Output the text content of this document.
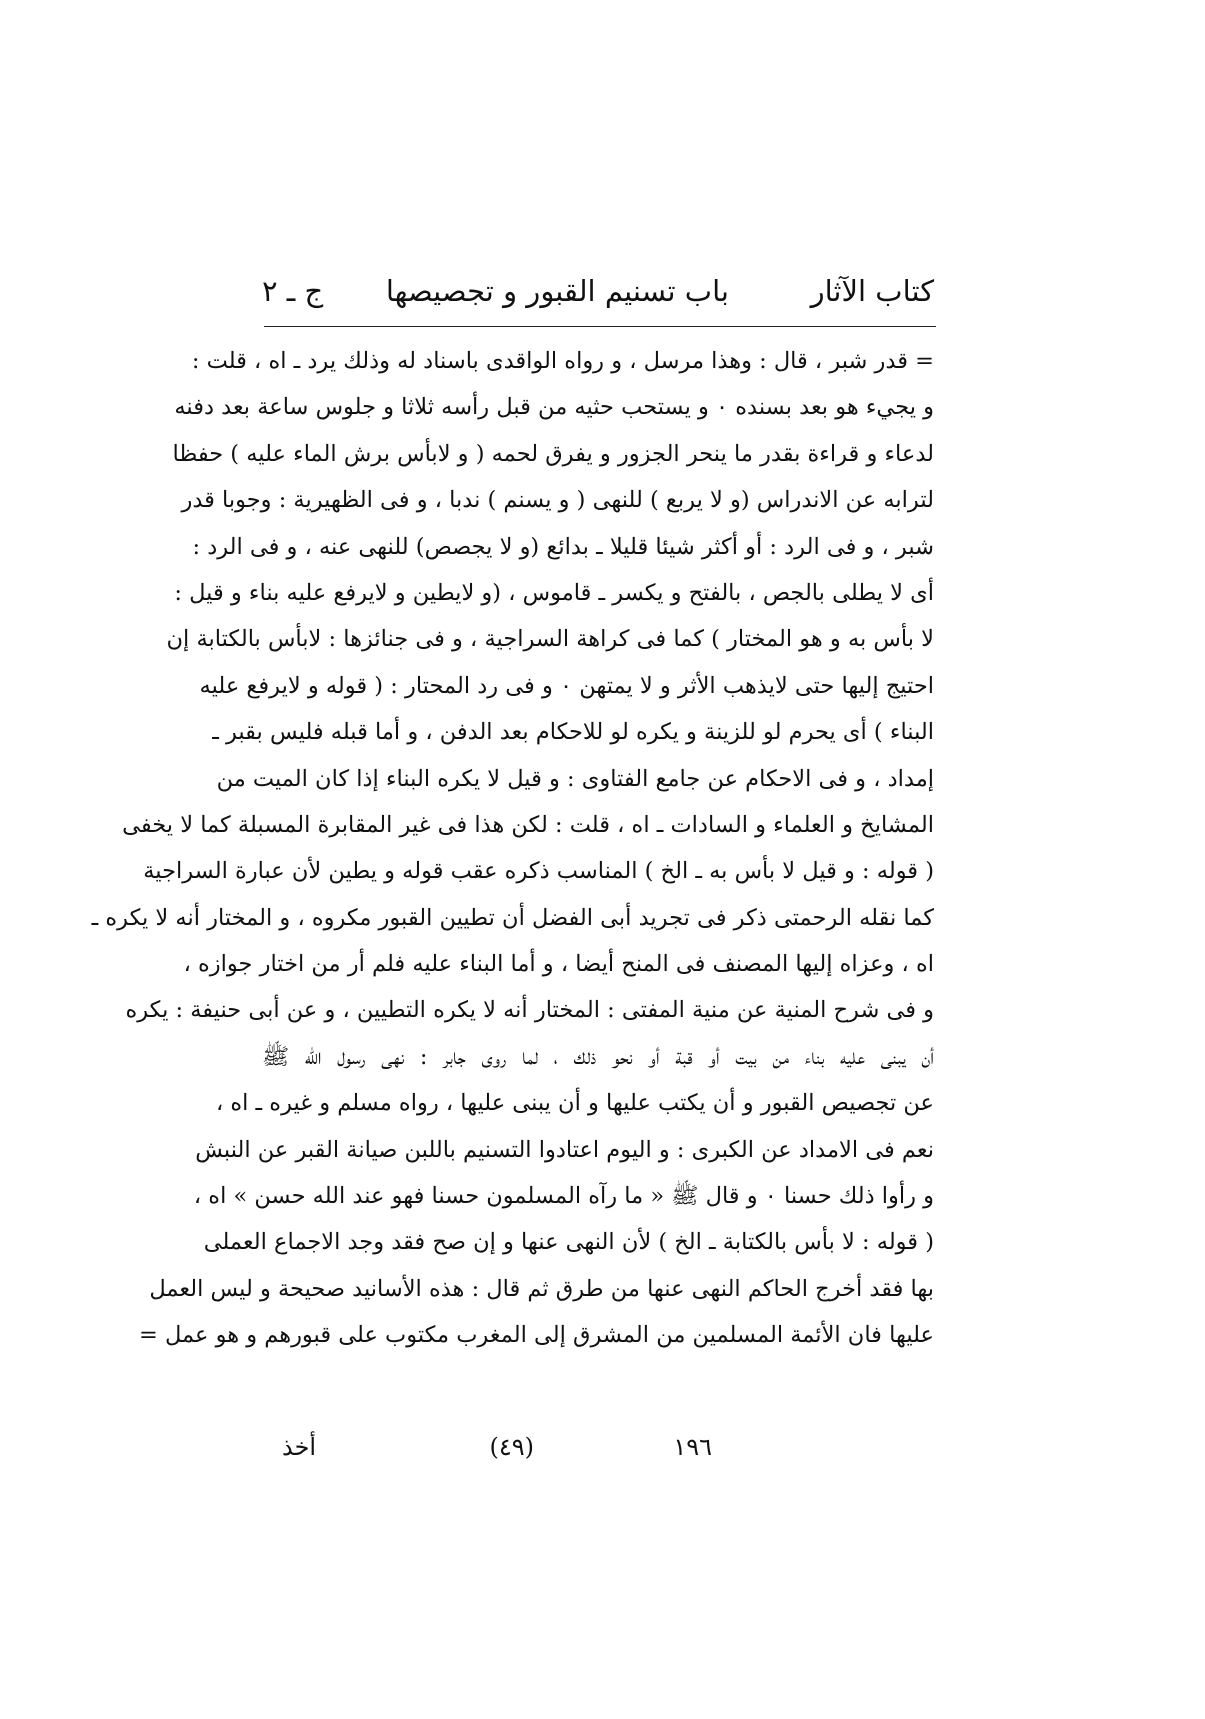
كتاب الآثار
باب تسنيم القبور و تجصيصها
ج ـ ٢
= قدر شبر ، قال : وهذا مرسل ، و رواه الواقدی باسناد له وذلك يرد ـ اه ، قلت :
و يجيء هو بعد بسنده ٠ و يستحب حثيه من قبل رأسه ثلاثا و جلوس ساعة بعد دفنه
لدعاء و قراءة بقدر ما ينحر الجزور و يفرق لحمه ( و لابأس برش الماء عليه ) حفظا
لترابه عن الاندراس (و لا يربع ) للنهى ( و يسنم ) ندبا ، و فی الظهيرية : وجوبا قدر
شبر ، و فی الرد : أو أكثر شيئا قليلا ـ بدائع (و لا يجصص) للنهى عنه ، و فی الرد :
أی لا يطلى بالجص ، بالفتح و يكسر ـ قاموس ، (و لايطين و لايرفع عليه بناء و قيل :
لا بأس به و هو المختار ) كما فی كراهة السراجية ، و فی جنائزها : لابأس بالكتابة إن
احتيج إليها حتى لايذهب الأثر و لا يمتهن ٠ و فی رد المحتار : ( قوله و لايرفع عليه
البناء ) أی يحرم لو للزينة و يكره لو للاحكام بعد الدفن ، و أما قبله فليس بقبر ـ
إمداد ، و فی الاحكام عن جامع الفتاوى : و قيل لا يكره البناء إذا كان الميت من
المشايخ و العلماء و السادات ـ اه ، قلت : لكن هذا فی غير المقابرة المسبلة كما لا يخفى
( قوله : و قيل لا بأس به ـ الخ ) المناسب ذكره عقب قوله و يطين لأن عبارة السراجية
كما نقله الرحمتى ذكر فی تجريد أبی الفضل أن تطيين القبور مكروه ، و المختار أنه لا يكره ـ
اه ، وعزاه إليها المصنف فی المنح أيضا ، و أما البناء عليه فلم أر من اختار جوازه ،
و فی شرح المنية عن منية المفتى : المختار أنه لا يكره التطيين ، و عن أبی حنيفة : يكره
أن يبنى عليه بناء من بيت أو قبة أو نحو ذلك ، لما روى جابر : نهى رسول الله ﷺ
عن تجصيص القبور و أن يكتب عليها و أن يبنى عليها ، رواه مسلم و غيره ـ اه ،
نعم فی الامداد عن الكبرى : و اليوم اعتادوا التسنيم باللبن صيانة القبر عن النبش
و رأوا ذلك حسنا ٠ و قال ﷺ « ما رآه المسلمون حسنا فهو عند الله حسن » اه ،
( قوله : لا بأس بالكتابة ـ الخ ) لأن النهی عنها و إن صح فقد وجد الاجماع العملی
بها فقد أخرج الحاكم النهی عنها من طرق ثم قال : هذه الأسانيد صحيحة و ليس العمل
عليها فان الأئمة المسلمين من المشرق إلى المغرب مكتوب على قبورهم و هو عمل =
١٩٦
(٤٩)
أخذ
